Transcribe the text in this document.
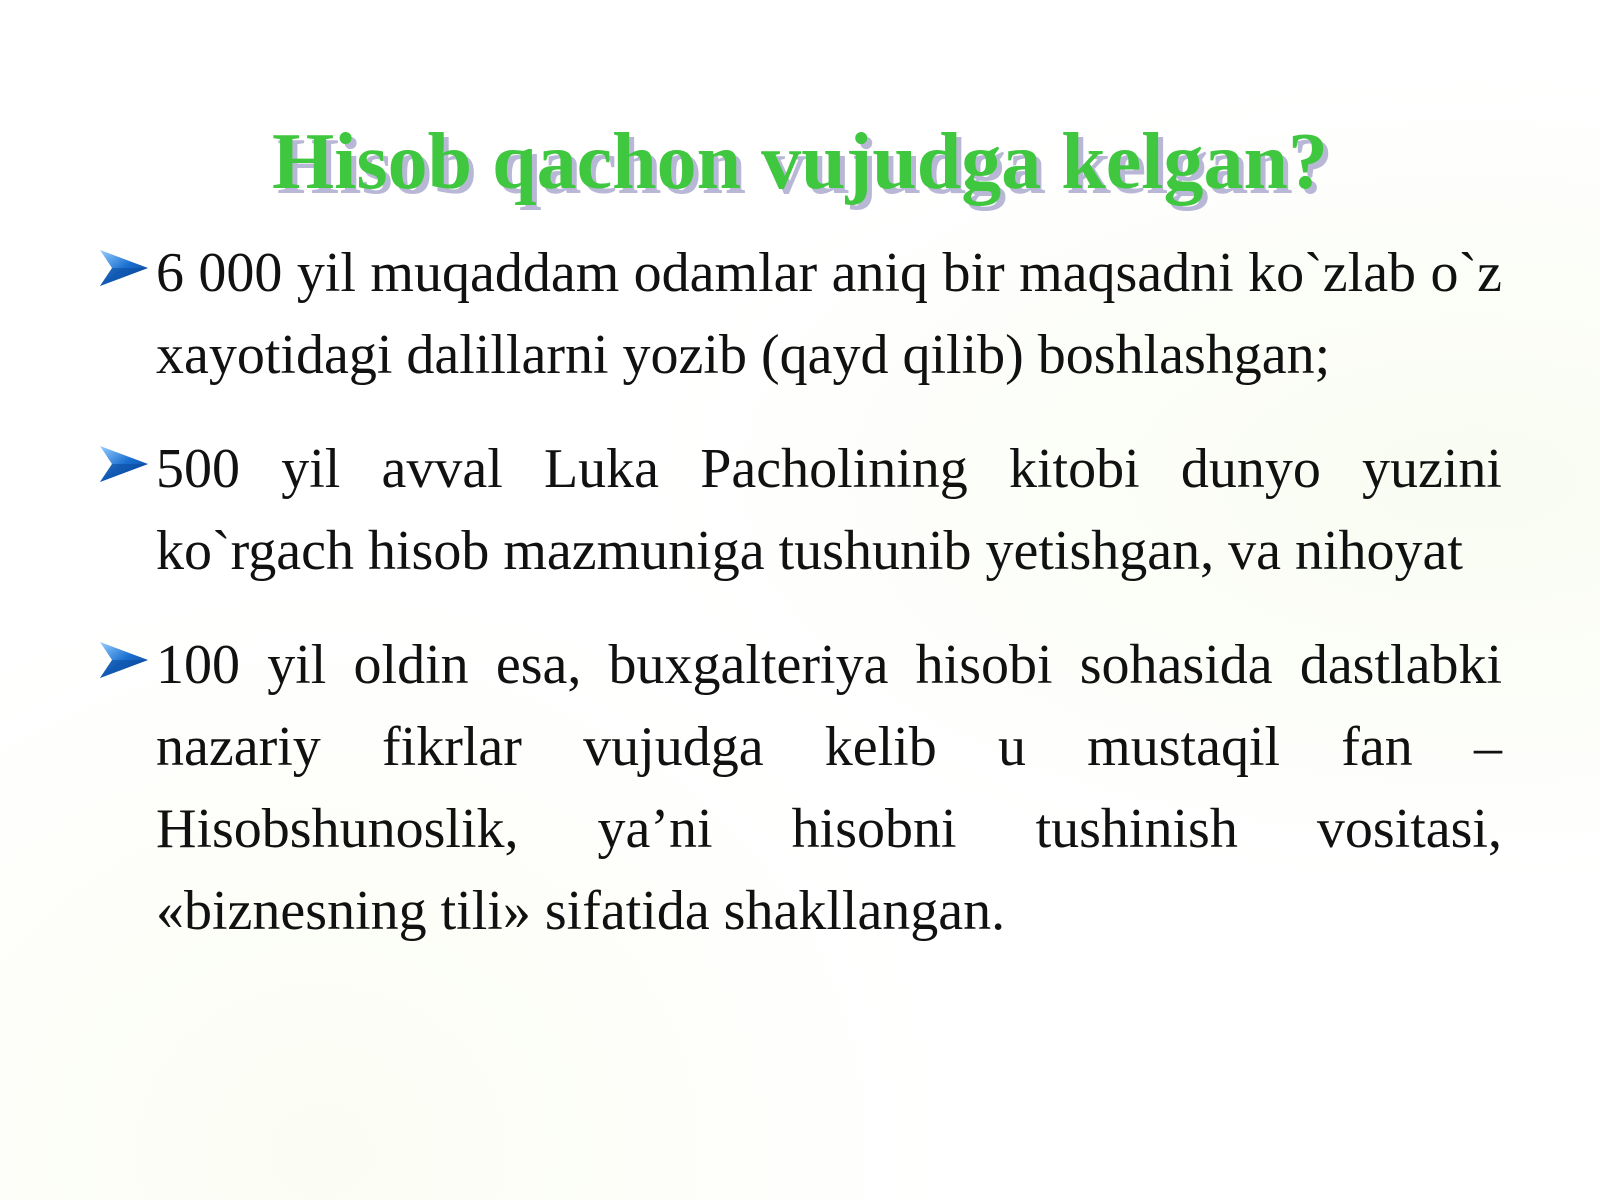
Hisob qachon vujudga kelgan?

6 000 yil muqaddam odamlar aniq bir maqsadni ko`zlab o`z xayotidagi dalillarni yozib (qayd qilib) boshlashgan;

500 yil avval Luka Pacholining kitobi dunyo yuzini ko`rgach hisob mazmuniga tushunib yetishgan, va nihoyat

100 yil oldin esa, buxgalteriya hisobi sohasida dastlabki nazariy fikrlar vujudga kelib u mustaqil fan – Hisobshunoslik, ya’ni hisobni tushinish vositasi, «biznesning tili» sifatida shakllangan.
